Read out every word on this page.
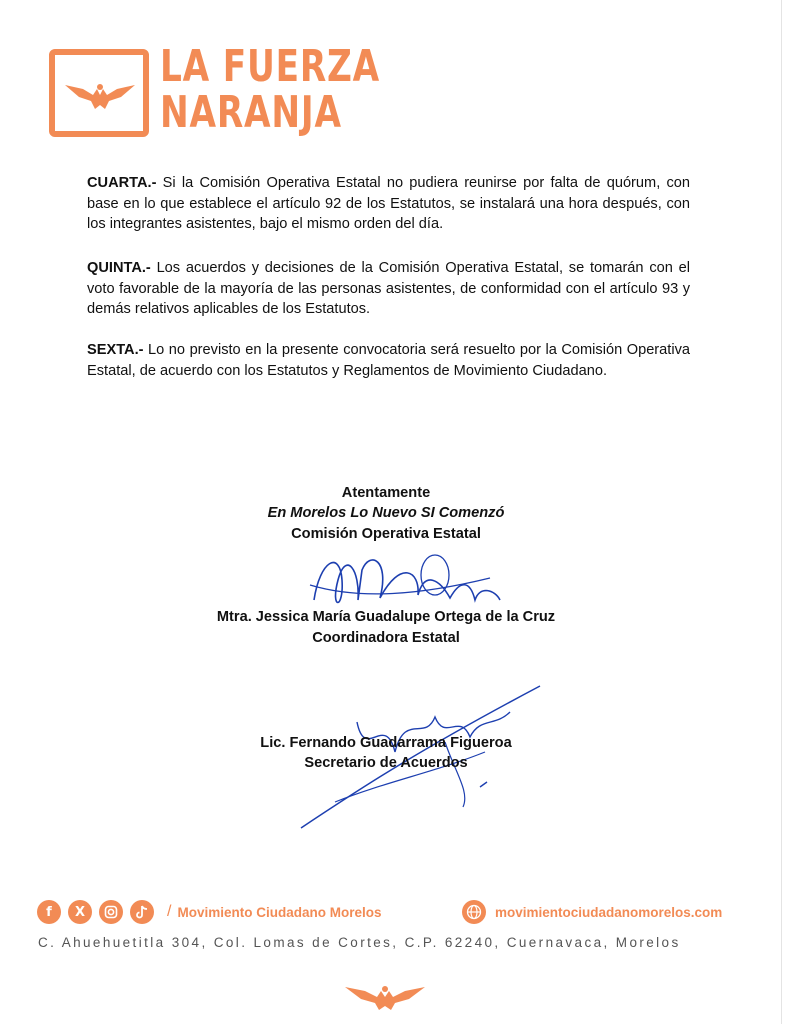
LA FUERZA
NARANJA

CUARTA.- Si la Comisión Operativa Estatal no pudiera reunirse por falta de quórum, con base en lo que establece el artículo 92 de los Estatutos, se instalará una hora después, con los integrantes asistentes, bajo el mismo orden del día.

QUINTA.- Los acuerdos y decisiones de la Comisión Operativa Estatal, se tomarán con el voto favorable de la mayoría de las personas asistentes, de conformidad con el artículo 93 y demás relativos aplicables de los Estatutos.

SEXTA.- Lo no previsto en la presente convocatoria será resuelto por la Comisión Operativa Estatal, de acuerdo con los Estatutos y Reglamentos de Movimiento Ciudadano.

Atentamente
En Morelos Lo Nuevo SI Comenzó
Comisión Operativa Estatal
Mtra. Jessica María Guadalupe Ortega de la Cruz
Coordinadora Estatal
Lic. Fernando Guadarrama Figueroa
Secretario de Acuerdos
f	X	/ Movimiento Ciudadano Morelos	movimientociudadanomorelos.com
C. Ahuehuetitla 304, Col. Lomas de Cortes, C.P. 62240, Cuernavaca, Morelos
